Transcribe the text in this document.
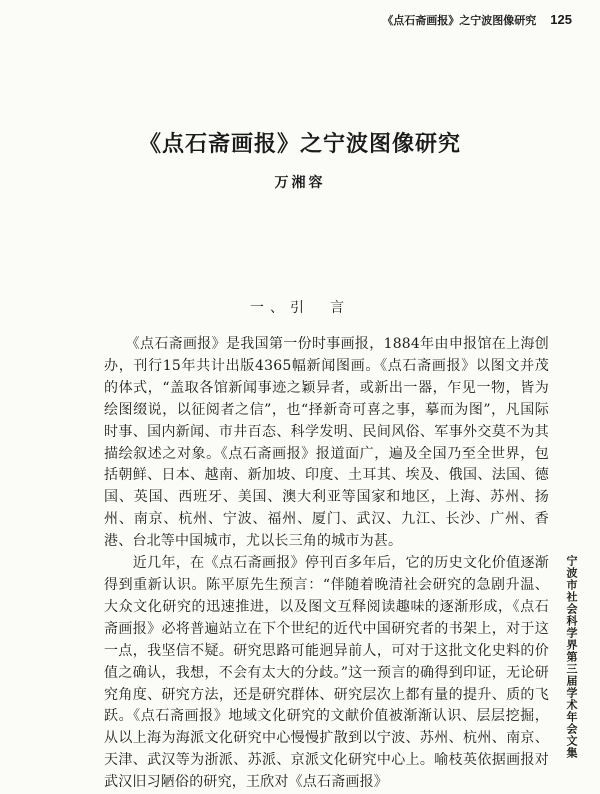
《点石斋画报》之宁波图像研究 125
《点石斋画报》之宁波图像研究
万湘容
一、引　言

　　《点石斋画报》是我国第一份时事画报，1884年由申报馆在上海创办，刊行15年共计出版4365幅新闻图画。《点石斋画报》以图文并茂的体式，“盖取各馆新闻事迹之颖异者，或新出一器，乍见一物，皆为绘图缀说，以征阅者之信”，也“择新奇可喜之事，摹而为图”，凡国际时事、国内新闻、市井百态、科学发明、民间风俗、军事外交莫不为其描绘叙述之对象。《点石斋画报》报道面广，遍及全国乃至全世界，包括朝鲜、日本、越南、新加坡、印度、土耳其、埃及、俄国、法国、德国、英国、西班牙、美国、澳大利亚等国家和地区，上海、苏州、扬州、南京、杭州、宁波、福州、厦门、武汉、九江、长沙、广州、香港、台北等中国城市，尤以长三角的城市为甚。

　　近几年，在《点石斋画报》停刊百多年后，它的历史文化价值逐渐得到重新认识。陈平原先生预言：“伴随着晚清社会研究的急剧升温、大众文化研究的迅速推进，以及图文互释阅读趣味的逐渐形成，《点石斋画报》必将普遍站立在下个世纪的近代中国研究者的书架上，对于这一点，我坚信不疑。研究思路可能迥异前人，可对于这批文化史料的价值之确认，我想，不会有太大的分歧。”这一预言的确得到印证，无论研究角度、研究方法，还是研究群体、研究层次上都有量的提升、质的飞跃。《点石斋画报》地域文化研究的文献价值被渐渐认识、层层挖掘，从以上海为海派文化研究中心慢慢扩散到以宁波、苏州、杭州、南京、天津、武汉等为浙派、苏派、京派文化研究中心上。喻枝英依据画报对武汉旧习陋俗的研究，王欣对《点石斋画报》

宁波市社会科学界第三届学术年会文集
